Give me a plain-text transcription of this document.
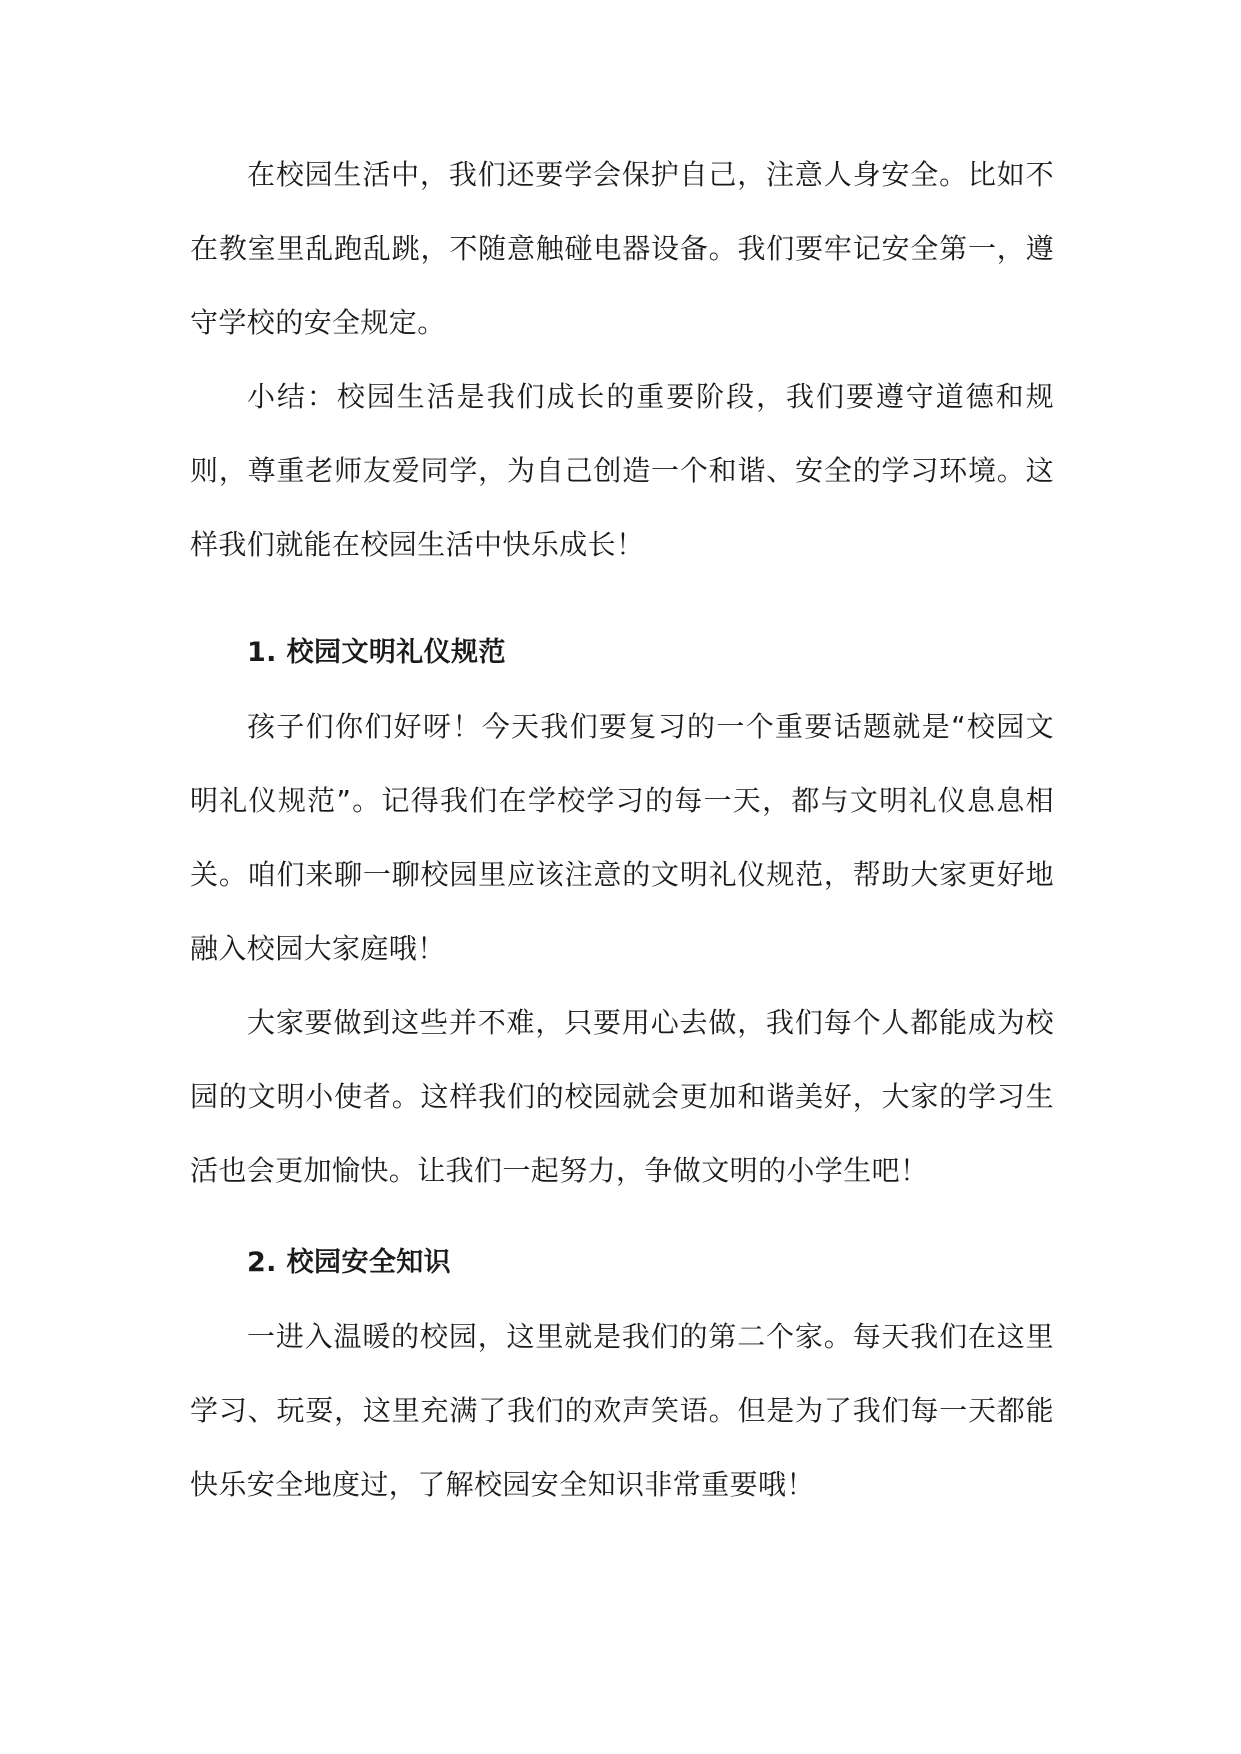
在校园生活中，我们还要学会保护自己，注意人身安全。比如不在教室里乱跑乱跳，不随意触碰电器设备。我们要牢记安全第一，遵守学校的安全规定。

小结：校园生活是我们成长的重要阶段，我们要遵守道德和规则，尊重老师友爱同学，为自己创造一个和谐、安全的学习环境。这样我们就能在校园生活中快乐成长！

1. 校园文明礼仪规范

孩子们你们好呀！今天我们要复习的一个重要话题就是“校园文明礼仪规范”。记得我们在学校学习的每一天，都与文明礼仪息息相关。咱们来聊一聊校园里应该注意的文明礼仪规范，帮助大家更好地融入校园大家庭哦！

大家要做到这些并不难，只要用心去做，我们每个人都能成为校园的文明小使者。这样我们的校园就会更加和谐美好，大家的学习生活也会更加愉快。让我们一起努力，争做文明的小学生吧！

2. 校园安全知识

一进入温暖的校园，这里就是我们的第二个家。每天我们在这里学习、玩耍，这里充满了我们的欢声笑语。但是为了我们每一天都能快乐安全地度过，了解校园安全知识非常重要哦！
